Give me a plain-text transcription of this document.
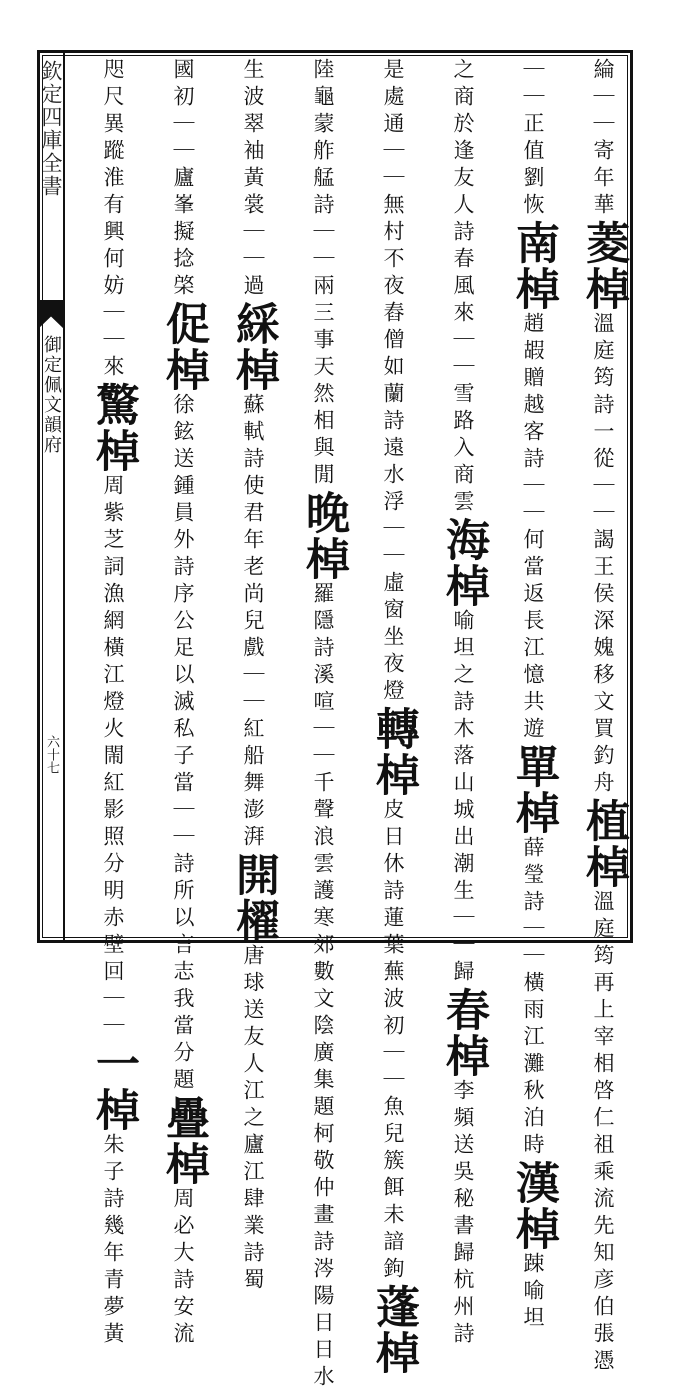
欽定四庫全書
御定佩文韻府
六十七
綸｜｜寄年華菱棹溫庭筠詩一從｜｜謁王侯深媿移文買釣舟植棹溫庭筠再上宰相啓仁祖乘流先知彦伯張憑
｜｜正值劉恢南棹趙嘏贈越客詩｜｜何當返長江憶共遊單棹薛瑩詩｜｜橫雨江灘秋泊時漢棹踈喻坦
之商於逢友人詩春風來｜｜雪路入商雲海棹喻坦之詩木落山城出潮生｜｜歸春棹李頻送吳秘書歸杭州詩
是處通｜｜無村不夜舂僧如蘭詩遠水浮｜｜虛窗坐夜燈轉棹皮日休詩蓮葉蕪波初｜｜魚兒簇餌未諳鉤蓬棹
陸龜蒙舴艋詩｜｜兩三事天然相與閒晚棹羅隱詩溪喧｜｜千聲浪雲護寒郊數文陰廣集題柯敬仲畫詩涔陽日日水
生波翠袖黃裳｜｜過綵棹蘇軾詩使君年老尚兒戲｜｜紅船舞澎湃開櫂唐球送友人江之廬江肆業詩蜀
國初｜｜廬峯擬捻棨促棹徐鉉送鍾員外詩序公足以滅私子當｜｜詩所以言志我當分題疊棹周必大詩安流
咫尺異蹤淮有興何妨｜｜來驚棹周紫芝詞漁網橫江燈火閙紅影照分明赤壁回｜｜一棹朱子詩幾年青夢黃
